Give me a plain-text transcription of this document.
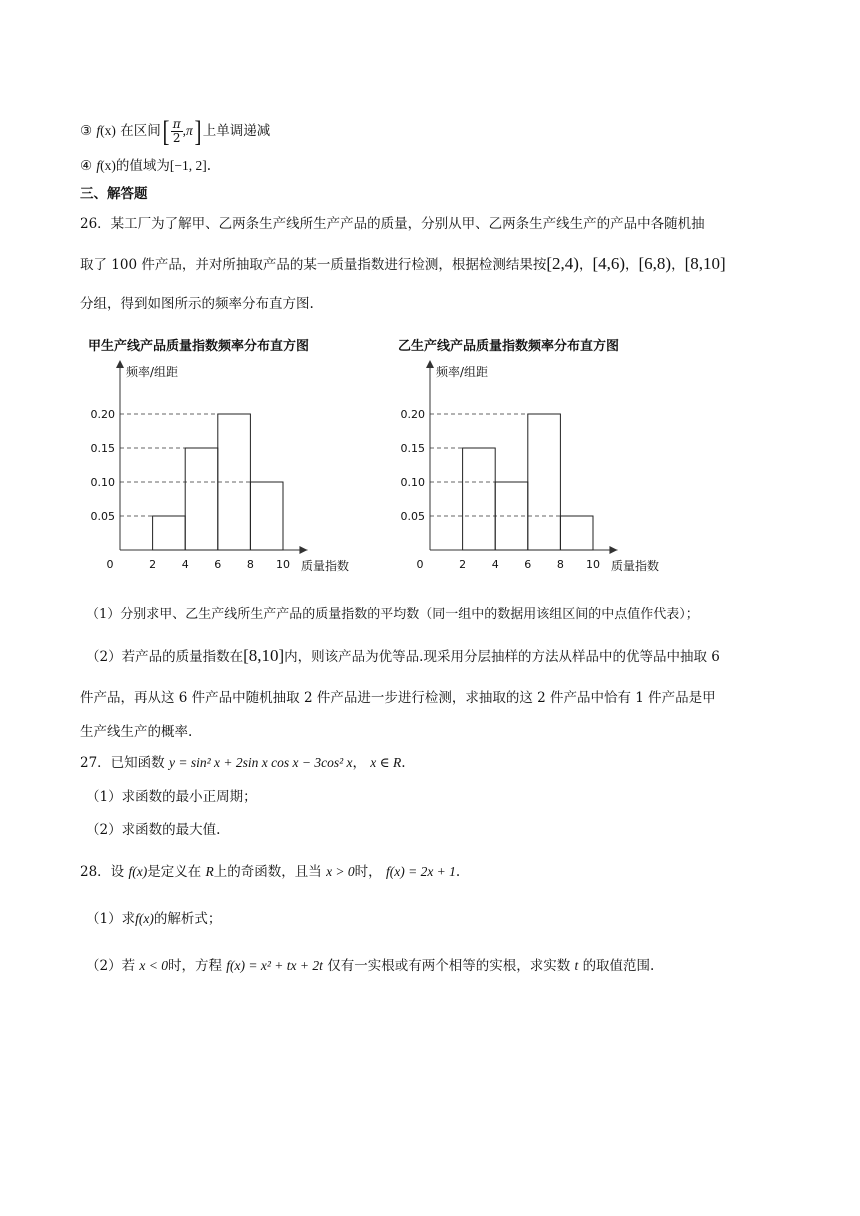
③ f(x) 在区间[ $\frac{\pi}{2} ,\pi$] 上单调递减
④ f(x)的值域为[−1, 2].
三、解答题
26．某工厂为了解甲、乙两条生产线所生产产品的质量，分别从甲、乙两条生产线生产的产品中各随机抽
取了 100 件产品，并对所抽取产品的某一质量指数进行检测，根据检测结果按[2,4)，[4,6)，[6,8)，[8,10]
分组，得到如图所示的频率分布直方图.
甲生产线产品质量指数频率分布直方图
频率/组距
质量指数
0.05
0.10
0.15
0.20
0	2 4 6 8 10
乙生产线产品质量指数频率分布直方图
频率/组距
质量指数
0.05
0.10
0.15
0.20
0	2 4 6 8 10
（1）分别求甲、乙生产线所生产产品的质量指数的平均数（同一组中的数据用该组区间的中点值作代表）；
（2）若产品的质量指数在[8,10]内，则该产品为优等品.现采用分层抽样的方法从样品中的优等品中抽取 6
件产品，再从这 6 件产品中随机抽取 2 件产品进一步进行检测，求抽取的这 2 件产品中恰有 1 件产品是甲
生产线生产的概率.
27．已知函数 y = sin² x + 2sin x cos x − 3cos² x， x ∈ R.
（1）求函数的最小正周期；
（2）求函数的最大值.
28．设 f(x)是定义在 R上的奇函数，且当 x > 0时， f(x) = 2x + 1.
（1）求f(x)的解析式；
（2）若 x < 0时，方程 f(x) = x² + tx + 2t 仅有一实根或有两个相等的实根，求实数 t 的取值范围.
